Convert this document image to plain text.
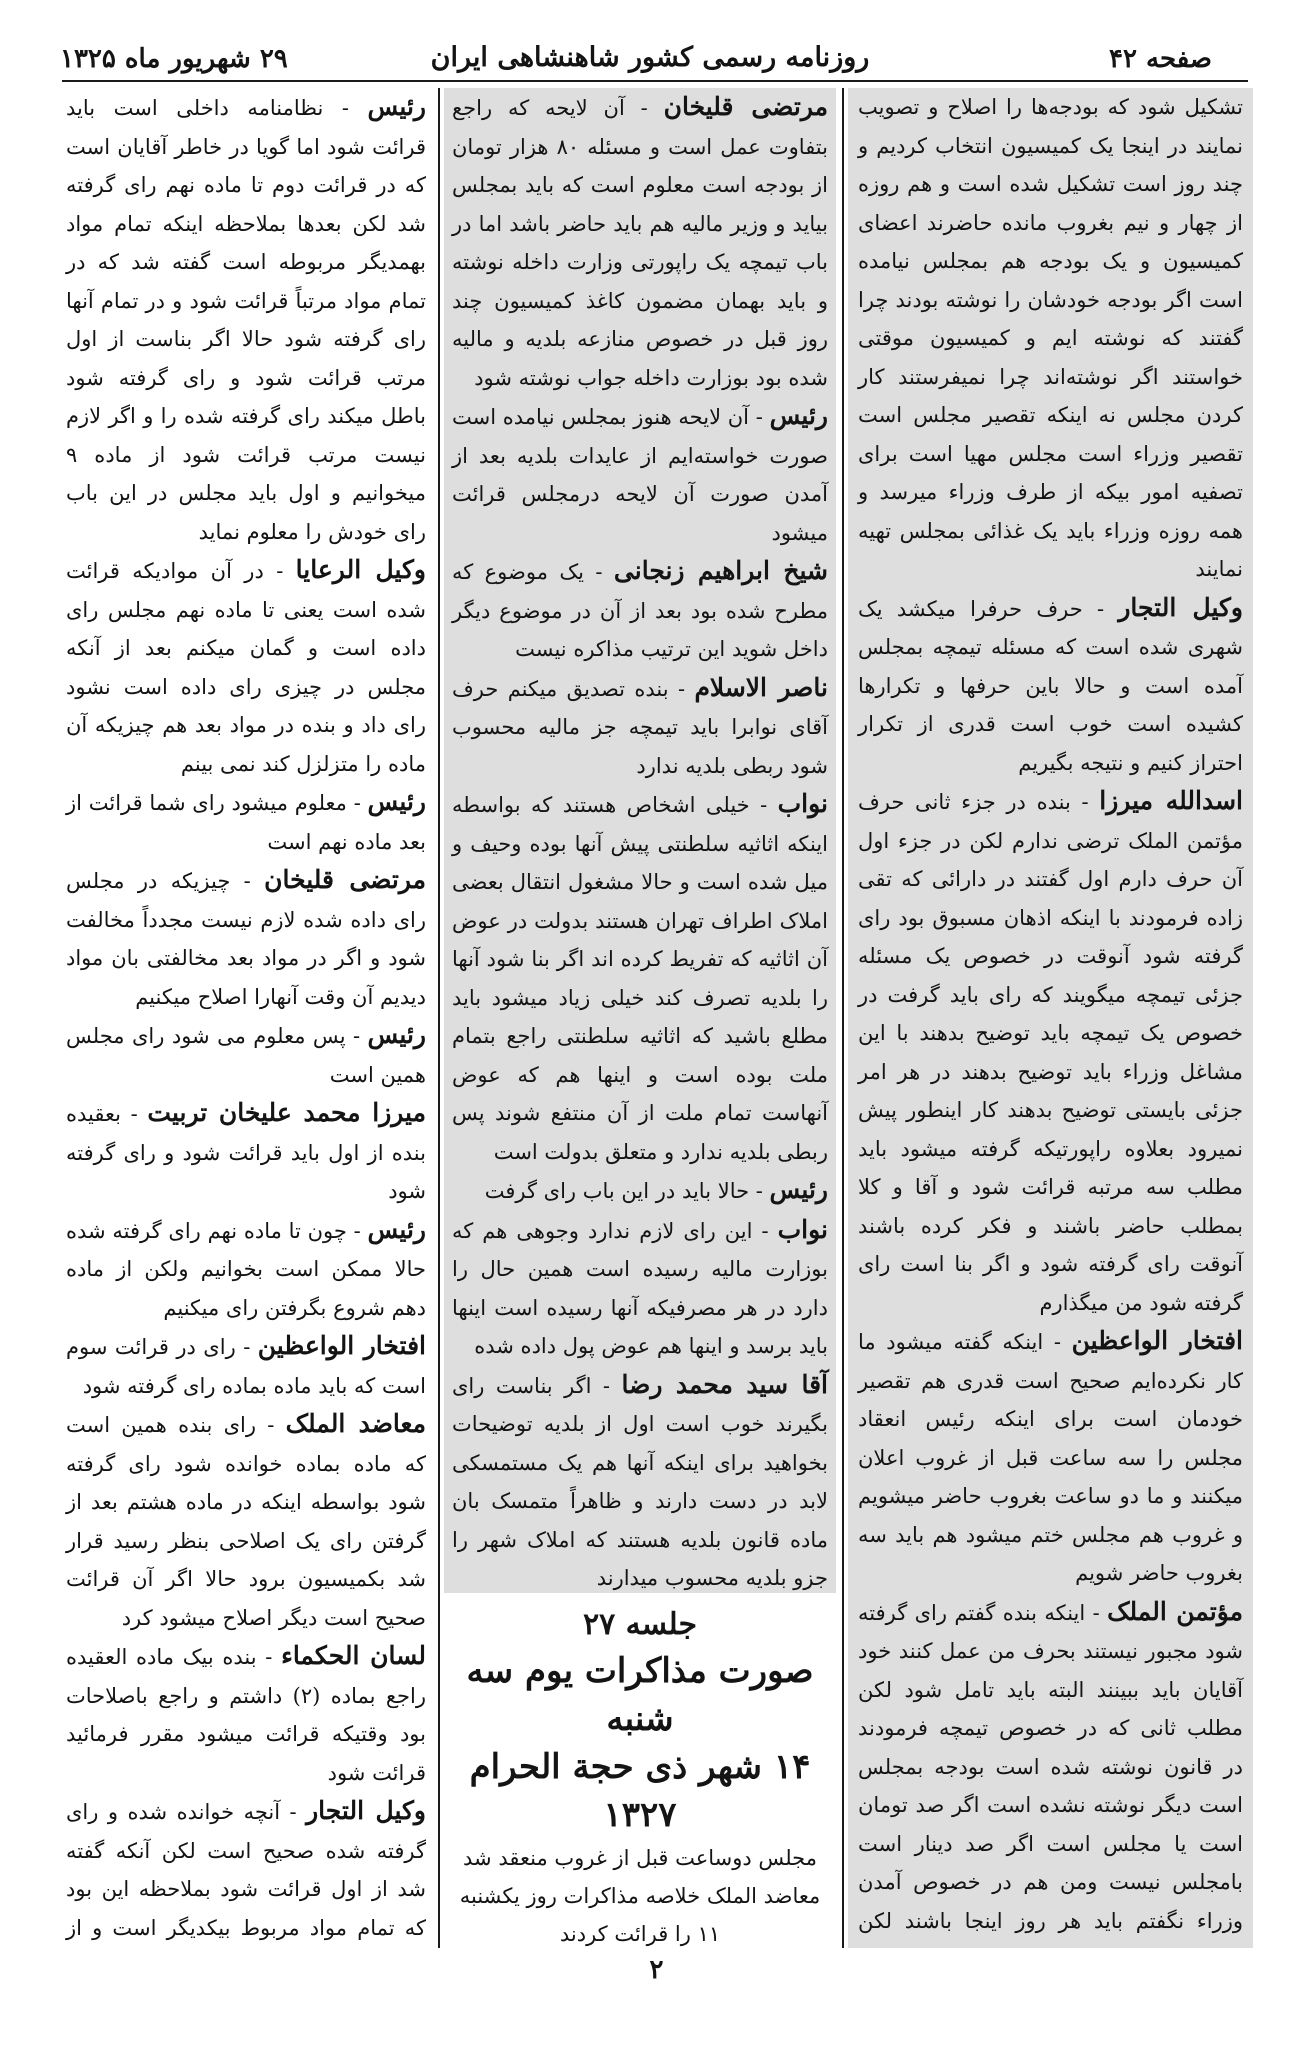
صفحه ۴۲
روزنامه رسمی کشور شاهنشاهی ایران
۲۹ شهریور ماه ۱۳۲۵

تشکیل شود که بودجه‌ها را اصلاح و تصویب نمایند در اینجا یک کمیسیون انتخاب کردیم و چند روز است تشکیل شده است و هم روزه از چهار و نیم بغروب مانده حاضرند اعضای کمیسیون و یک بودجه هم بمجلس نیامده است اگر بودجه خودشان را نوشته بودند چرا گفتند که نوشته ایم و کمیسیون موقتی خواستند اگر نوشته‌اند چرا نمیفرستند کار کردن مجلس نه اینکه تقصیر مجلس است تقصیر وزراء است مجلس مهیا است برای تصفیه امور بیکه از طرف وزراء میرسد و همه روزه وزراء باید یک غذائی بمجلس تهیه نمایند

وکیل التجار - حرف حرفرا میکشد یک شهری شده است که مسئله تیمچه بمجلس آمده است و حالا باین حرفها و تکرارها کشیده است خوب است قدری از تکرار احتراز کنیم و نتیجه بگیریم

اسدالله میرزا - بنده در جزء ثانی حرف مؤتمن الملک ترضی ندارم لکن در جزء اول آن حرف دارم اول گفتند در دارائی که تقی زاده فرمودند با اینکه اذهان مسبوق بود رای گرفته شود آنوقت در خصوص یک مسئله جزئی تیمچه میگویند که رای باید گرفت در خصوص یک تیمچه باید توضیح بدهند با این مشاغل وزراء باید توضیح بدهند در هر امر جزئی بایستی توضیح بدهند کار اینطور پیش نمیرود بعلاوه راپورتیکه گرفته میشود باید مطلب سه مرتبه قرائت شود و آقا و کلا بمطلب حاضر باشند و فکر کرده باشند آنوقت رای گرفته شود و اگر بنا است رای گرفته شود من میگذارم

افتخار الواعظین - اینکه گفته میشود ما کار نکرده‌ایم صحیح است قدری هم تقصیر خودمان است برای اینکه رئیس انعقاد مجلس را سه ساعت قبل از غروب اعلان میکنند و ما دو ساعت بغروب حاضر میشویم و غروب هم مجلس ختم میشود هم باید سه بغروب حاضر شویم

مؤتمن الملک - اینکه بنده گفتم رای گرفته شود مجبور نیستند بحرف من عمل کنند خود آقایان باید ببینند البته باید تامل شود لکن مطلب ثانی که در خصوص تیمچه فرمودند در قانون نوشته شده است بودجه بمجلس است دیگر نوشته نشده است اگر صد تومان است یا مجلس است اگر صد دینار است بامجلس نیست ومن هم در خصوص آمدن وزراء نگفتم باید هر روز اینجا باشند لکن

مرتضی قلیخان - آن لایحه که راجع بتفاوت عمل است و مسئله ۸۰ هزار تومان از بودجه است معلوم است که باید بمجلس بیاید و وزیر مالیه هم باید حاضر باشد اما در باب تیمچه یک راپورتی وزارت داخله نوشته و باید بهمان مضمون کاغذ کمیسیون چند روز قبل در خصوص منازعه بلدیه و مالیه شده بود بوزارت داخله جواب نوشته شود

رئیس - آن لایحه هنوز بمجلس نیامده است صورت خواسته‌ایم از عایدات بلدیه بعد از آمدن صورت آن لایحه درمجلس قرائت میشود

شیخ ابراهیم زنجانی - یک موضوع که مطرح شده بود بعد از آن در موضوع دیگر داخل شوید این ترتیب مذاکره نیست

ناصر الاسلام - بنده تصدیق میکنم حرف آقای نوابرا باید تیمچه جز مالیه محسوب شود ربطی بلدیه ندارد

نواب - خیلی اشخاص هستند که بواسطه اینکه اثاثیه سلطنتی پیش آنها بوده وحیف و میل شده است و حالا مشغول انتقال بعضی املاک اطراف تهران هستند بدولت در عوض آن اثاثیه که تفریط کرده اند اگر بنا شود آنها را بلدیه تصرف کند خیلی زیاد میشود باید مطلع باشید که اثاثیه سلطنتی راجع بتمام ملت بوده است و اینها هم که عوض آنهاست تمام ملت از آن منتفع شوند پس ربطی بلدیه ندارد و متعلق بدولت است

رئیس - حالا باید در این باب رای گرفت

نواب - این رای لازم ندارد وجوهی هم که بوزارت مالیه رسیده است همین حال را دارد در هر مصرفیکه آنها رسیده است اینها باید برسد و اینها هم عوض پول داده شده

آقا سید محمد رضا - اگر بناست رای بگیرند خوب است اول از بلدیه توضیحات بخواهید برای اینکه آنها هم یک مستمسکی لابد در دست دارند و ظاهراً متمسک بان ماده قانون بلدیه هستند که املاک شهر را جزو بلدیه محسوب میدارند

جلسه ۲۷
صورت مذاکرات یوم سه شنبه
۱۴ شهر ذی حجة الحرام ۱۳۲۷

مجلس دوساعت قبل از غروب منعقد شد معاضد الملک خلاصه مذاکرات روز یکشنبه ۱۱ را قرائت کردند

رئیس - نظامنامه داخلی است باید قرائت شود اما گویا در خاطر آقایان است که در قرائت دوم تا ماده نهم رای گرفته شد لکن بعدها بملاحظه اینکه تمام مواد بهمدیگر مربوطه است گفته شد که در تمام مواد مرتباً قرائت شود و در تمام آنها رای گرفته شود حالا اگر بناست از اول مرتب قرائت شود و رای گرفته شود باطل میکند رای گرفته شده را و اگر لازم نیست مرتب قرائت شود از ماده ۹ میخوانیم و اول باید مجلس در این باب رای خودش را معلوم نماید

وکیل الرعایا - در آن موادیکه قرائت شده است یعنی تا ماده نهم مجلس رای داده است و گمان میکنم بعد از آنکه مجلس در چیزی رای داده است نشود رای داد و بنده در مواد بعد هم چیزیکه آن ماده را متزلزل کند نمی بینم

رئیس - معلوم میشود رای شما قرائت از بعد ماده نهم است

مرتضی قلیخان - چیزیکه در مجلس رای داده شده لازم نیست مجدداً مخالفت شود و اگر در مواد بعد مخالفتی بان مواد دیدیم آن وقت آنهارا اصلاح میکنیم

رئیس - پس معلوم می شود رای مجلس همین است

میرزا محمد علیخان تربیت - بعقیده بنده از اول باید قرائت شود و رای گرفته شود

رئیس - چون تا ماده نهم رای گرفته شده حالا ممکن است بخوانیم ولکن از ماده دهم شروع بگرفتن رای میکنیم

افتخار الواعظین - رای در قرائت سوم است که باید ماده بماده رای گرفته شود

معاضد الملک - رای بنده همین است که ماده بماده خوانده شود رای گرفته شود بواسطه اینکه در ماده هشتم بعد از گرفتن رای یک اصلاحی بنظر رسید قرار شد بکمیسیون برود حالا اگر آن قرائت صحیح است دیگر اصلاح میشود کرد

لسان الحکماء - بنده بیک ماده العقیده راجع بماده (۲) داشتم و راجع باصلاحات بود وقتیکه قرائت میشود مقرر فرمائید قرائت شود

وکیل التجار - آنچه خوانده شده و رای گرفته شده صحیح است لکن آنکه گفته شد از اول قرائت شود بملاحظه این بود که تمام مواد مربوط بیکدیگر است و از

۲
